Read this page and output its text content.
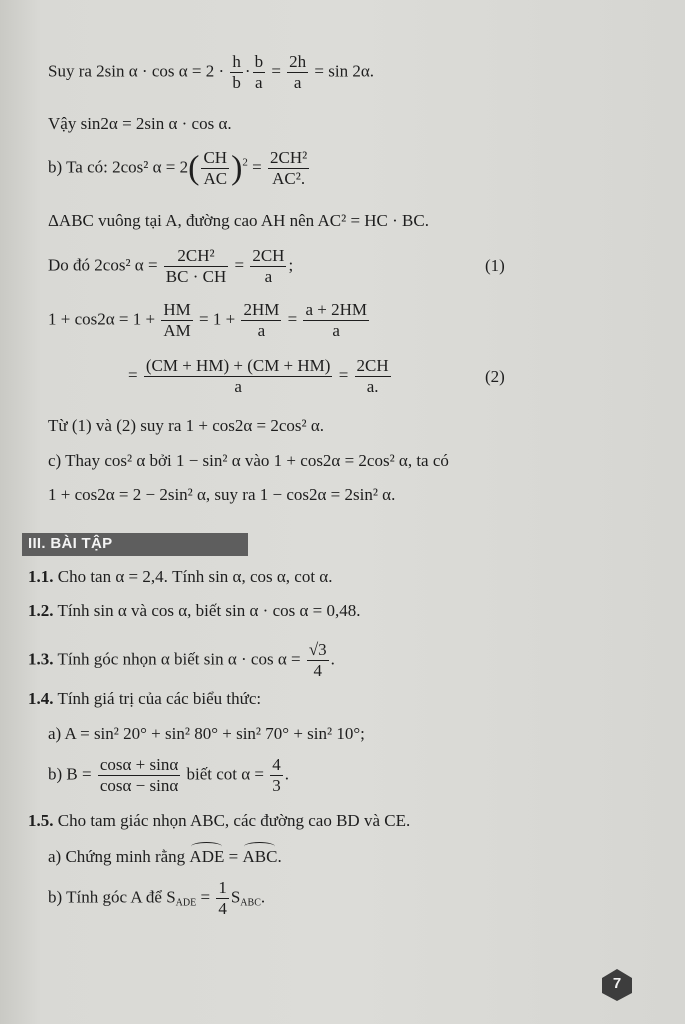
Suy ra 2sin $\alpha \cdot \cos \alpha = 2 \cdot \frac{h}{b} \cdot \frac{b}{a} = \frac{2h}{a} = \sin 2\alpha$.
Vậy sin2α = 2sin α · cos α.
b) Ta có: 2cos² $\alpha = 2( \frac{CH}{AC} )^2 = \frac{\text{2CH²}}{\text{AC².}}$
ΔABC vuông tại A, đường cao AH nên AC² = HC · BC.
Do đó 2cos² $\alpha = \frac{\text{2CH²}}{BC \cdot CH} = \frac{2CH}{a}$ ;	(1)
$1 + \cos 2\alpha = 1 + \frac{HM}{AM} = 1 + \frac{2HM}{a} = \frac{a + 2HM}{a}$
= $\frac{(CM + HM) + (CM + HM)}{a} = \frac{2CH}{a.}$	(2)
Từ (1) và (2) suy ra 1 + cos2α = 2cos² α.
c) Thay cos² α bởi 1 − sin² α vào 1 + cos2α = 2cos² α, ta có
1 + cos2α = 2 − 2sin² α, suy ra 1 − cos2α = 2sin² α.
III. BÀI TẬP
1.1. Cho tan α = 2,4. Tính sin α, cos α, cot α.
1.2. Tính sin α và cos α, biết sin α · cos α = 0,48.
1.3. Tính góc nhọn α biết $\sin \alpha \cdot \cos \alpha = \frac{√3}{4}$ .
1.4. Tính giá trị của các biểu thức:
a) A = sin² 20° + sin² 80° + sin² 70° + sin² 10°;
b) $B = \frac{\cos\alpha + \sin\alpha}{\cos\alpha - \sin\alpha}$ biết $\cot \alpha = \frac{4}{3}$ .
1.5. Cho tam giác nhọn ABC, các đường cao BD và CE.
a) Chứng minh rằng ADE = ABC.
b) Tính góc A để $S_{ADE} = \frac{1}{4} S_{ABC}$.
7
